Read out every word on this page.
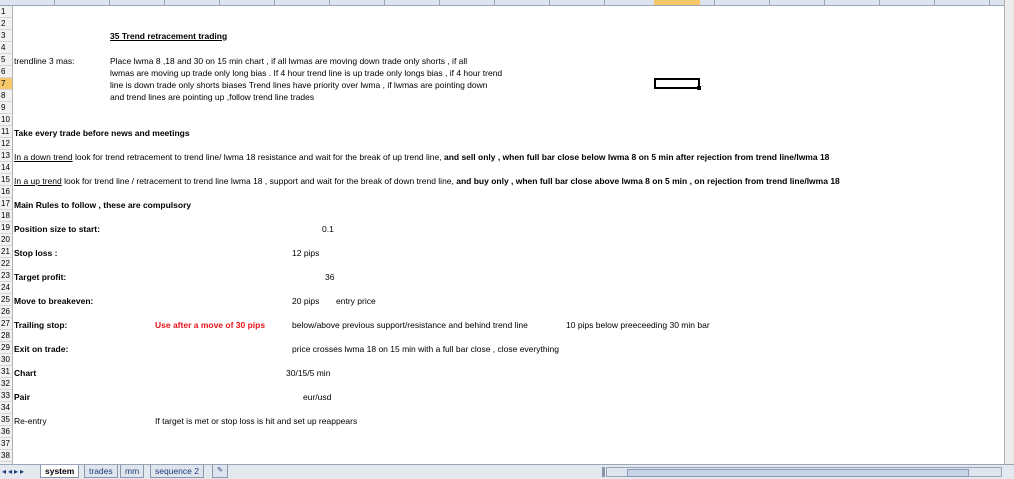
1
2
3
4
5
6
7
8
9
10
11
12
13
14
15
16
17
18
19
20
21
22
23
24
25
26
27
28
29
30
31
32
33
34
35
36
37
38
35 Trend retracement trading
trendline 3 mas:	Place lwma 8 ,18 and 30 on 15 min chart , if all lwmas are moving down trade only shorts , if all
lwmas are moving up trade only long bias . If 4 hour trend line is up trade only longs bias , if 4 hour trend
line is down trade only shorts biases Trend lines have priority over lwma , if lwmas are pointing down
and trend lines are pointing up ,follow trend line trades
Take every trade before news and meetings
In a down trend look for trend retracement to trend line/ lwma 18 resistance and wait for the break of up trend line, and sell only , when full bar close below lwma 8 on 5 min after rejection from trend line/lwma 18
In a up trend look for trend line / retracement to trend line lwma 18 , support and wait for the break of down trend line, and buy only , when full bar close above lwma 8 on 5 min , on rejection from trend line/lwma 18
Main Rules to follow , these are compulsory
Position size to start:	0.1
Stop loss :	12 pips
Target profit:	36
Move to breakeven:	20 pips entry price
Trailing stop:	Use after a move of 30 pips	below/above previous support/resistance and behind trend line	10 pips below preeceeding 30 min bar
Exit on trade:	price crosses lwma 18 on 15 min with a full bar close , close everything
Chart	30/15/5 min
Pair	eur/usd
Re-entry	If target is met or stop loss is hit and set up reappears
◂◂▸▸	system	trades	mm	sequence 2	✎
